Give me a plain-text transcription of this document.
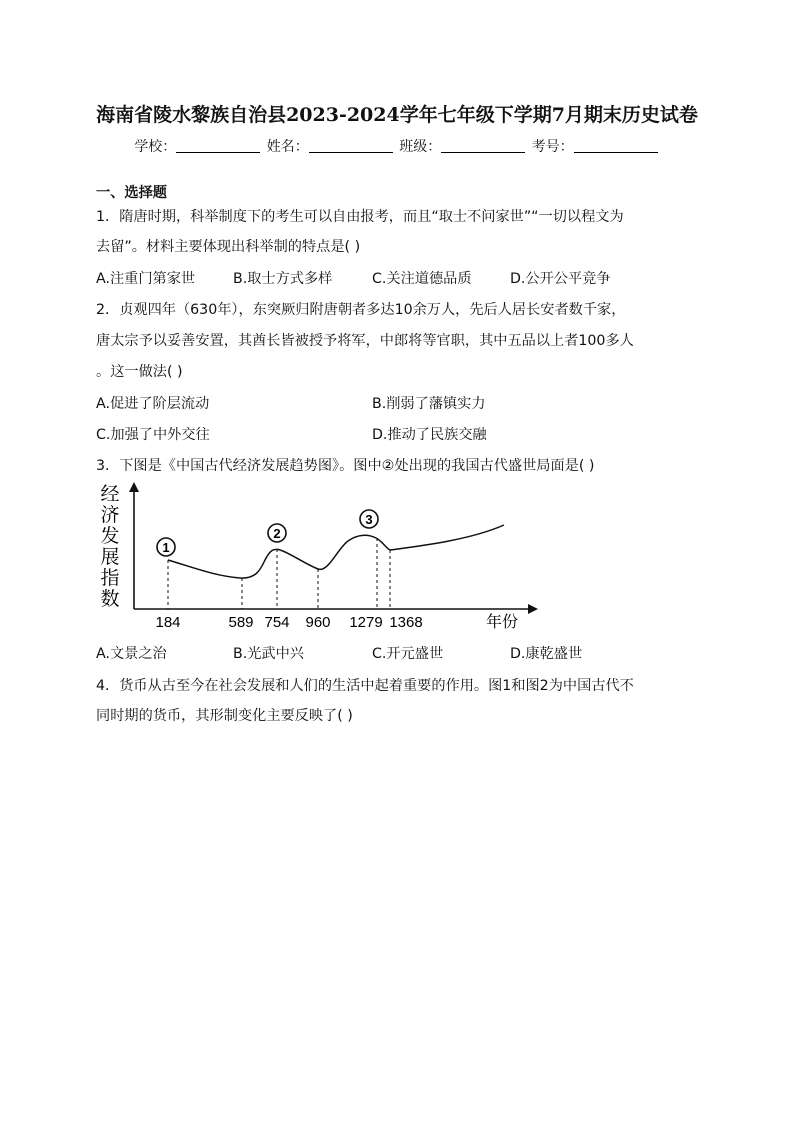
海南省陵水黎族自治县2023-2024学年七年级下学期7月期末历史试卷
学校：	姓名：	班级：	考号：
一、选择题
1．隋唐时期，科举制度下的考生可以自由报考，而且“取士不问家世”“一切以程文为
去留”。材料主要体现出科举制的特点是( )
A.注重门第家世	B.取士方式多样	C.关注道德品质	D.公开公平竞争
2．贞观四年（630年），东突厥归附唐朝者多达10余万人，先后人居长安者数千家，
唐太宗予以妥善安置，其酋长皆被授予将军，中郎将等官职，其中五品以上者100多人
。这一做法( )
A.促进了阶层流动	B.削弱了藩镇实力
C.加强了中外交往	D.推动了民族交融
3．下图是《中国古代经济发展趋势图》。图中②处出现的我国古代盛世局面是( )
经
济
发
展
指
数
1
2
3
184	589 754 960 1279 1368	年份
A.文景之治	B.光武中兴	C.开元盛世	D.康乾盛世
4．货币从古至今在社会发展和人们的生活中起着重要的作用。图1和图2为中国古代不
同时期的货币，其形制变化主要反映了( )
